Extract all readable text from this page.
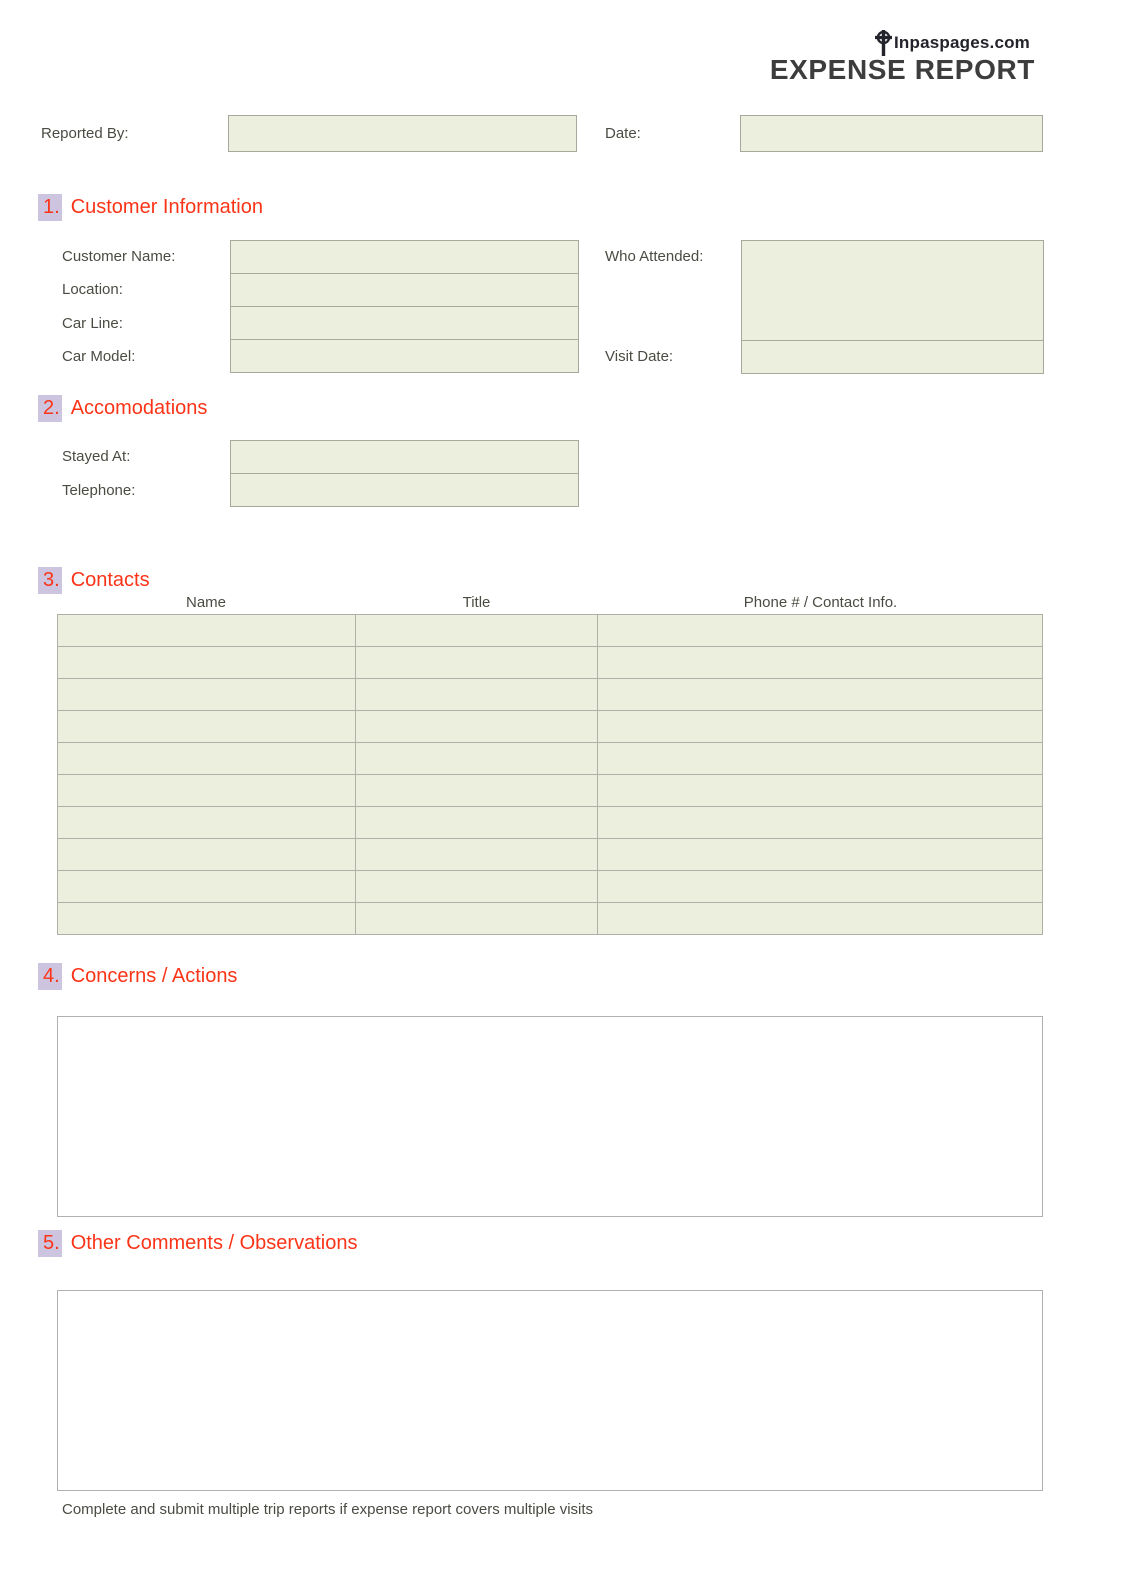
Inpaspages.com
EXPENSE REPORT
Reported By:	Date:
1. Customer Information
Customer Name:
Location:
Car Line:
Car Model:
Who Attended:
Visit Date:
2. Accomodations
Stayed At:
Telephone:
3. Contacts
Name	Title	Phone # / Contact Info.

4. Concerns / Actions
5. Other Comments / Observations
Complete and submit multiple trip reports if expense report covers multiple visits
